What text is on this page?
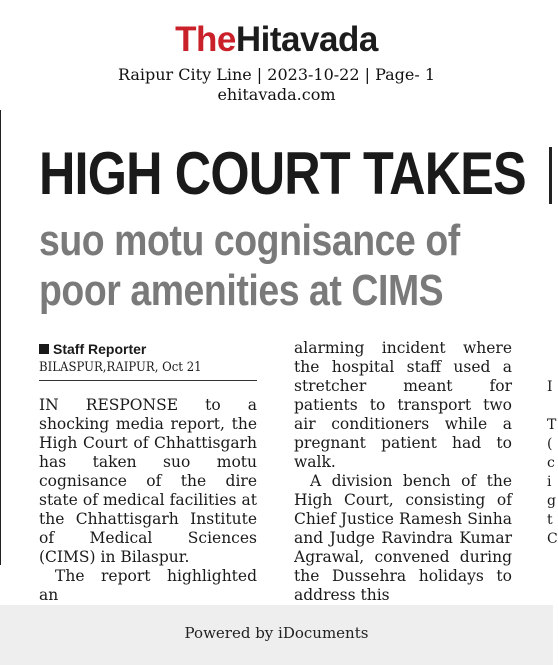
TheHitavada
Raipur City Line | 2023-10-22 | Page- 1
ehitavada.com
HIGH COURT TAKES
suo motu cognisance of
poor amenities at CIMS
Staff Reporter
BILASPUR,RAIPUR, Oct 21

IN RESPONSE to a shocking media report, the High Court of Chhattisgarh has taken suo motu cognisance of the dire state of medical facilities at the Chhattisgarh Institute of Medical Sciences (CIMS) in Bilaspur.

The report highlighted an

alarming incident where the hospital staff used a stretcher meant for patients to transport two air conditioners while a pregnant patient had to walk.

A division bench of the High Court, consisting of Chief Justice Ramesh Sinha and Judge Ravindra Kumar Agrawal, convened during the Dussehra holidays to address this

I
T
(
c
i
g
t
C
Powered by iDocuments
